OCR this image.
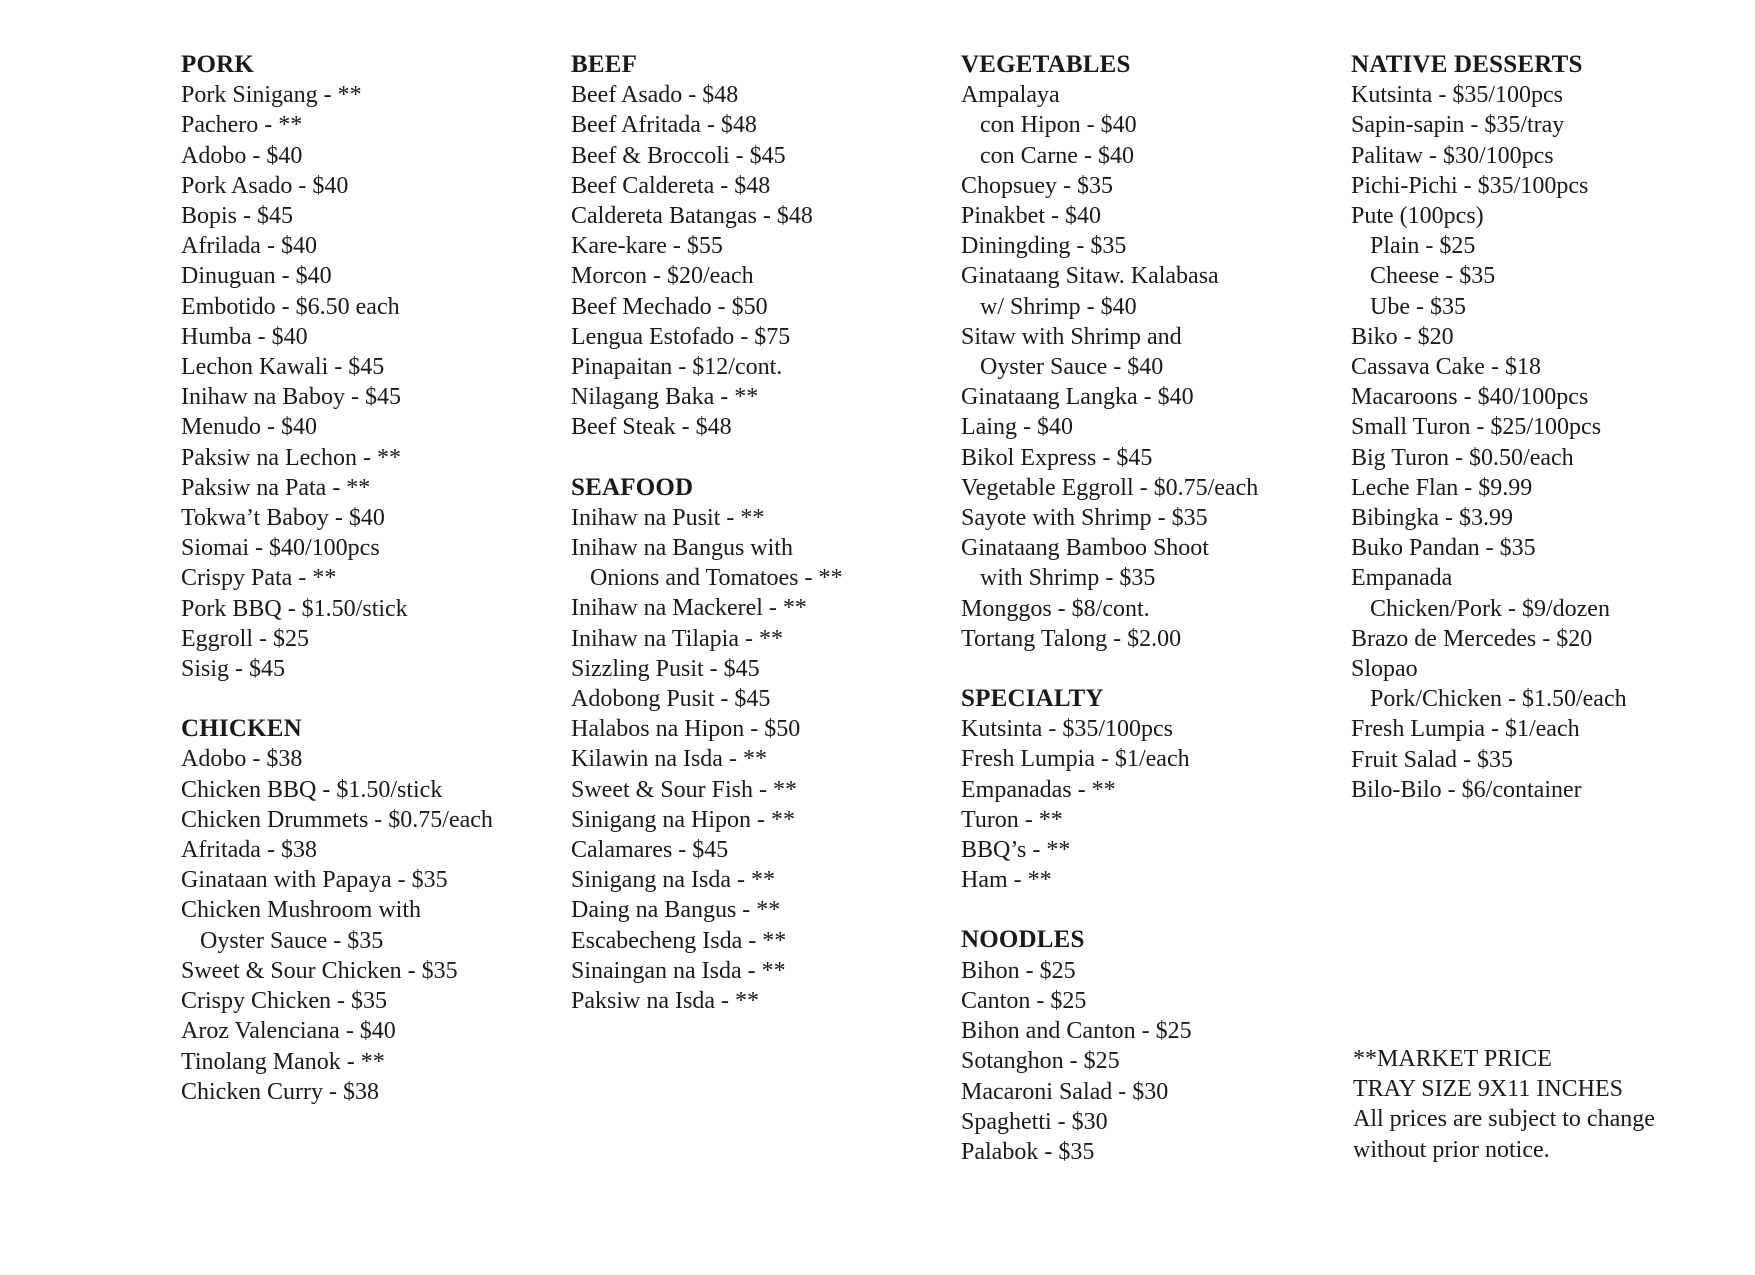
PORK
Pork Sinigang - **
Pachero - **
Adobo - $40
Pork Asado - $40
Bopis - $45
Afrilada - $40
Dinuguan - $40
Embotido - $6.50 each
Humba - $40
Lechon Kawali - $45
Inihaw na Baboy - $45
Menudo - $40
Paksiw na Lechon - **
Paksiw na Pata - **
Tokwa’t Baboy - $40
Siomai - $40/100pcs
Crispy Pata - **
Pork BBQ - $1.50/stick
Eggroll - $25
Sisig - $45
CHICKEN
Adobo - $38
Chicken BBQ - $1.50/stick
Chicken Drummets - $0.75/each
Afritada - $38
Ginataan with Papaya - $35
Chicken Mushroom with
Oyster Sauce - $35
Sweet & Sour Chicken - $35
Crispy Chicken - $35
Aroz Valenciana - $40
Tinolang Manok - **
Chicken Curry - $38
BEEF
Beef Asado - $48
Beef Afritada - $48
Beef & Broccoli - $45
Beef Caldereta - $48
Caldereta Batangas - $48
Kare-kare - $55
Morcon - $20/each
Beef Mechado - $50
Lengua Estofado - $75
Pinapaitan - $12/cont.
Nilagang Baka - **
Beef Steak - $48
SEAFOOD
Inihaw na Pusit - **
Inihaw na Bangus with
Onions and Tomatoes - **
Inihaw na Mackerel - **
Inihaw na Tilapia - **
Sizzling Pusit - $45
Adobong Pusit - $45
Halabos na Hipon - $50
Kilawin na Isda - **
Sweet & Sour Fish - **
Sinigang na Hipon - **
Calamares - $45
Sinigang na Isda - **
Daing na Bangus - **
Escabecheng Isda - **
Sinaingan na Isda - **
Paksiw na Isda - **
VEGETABLES
Ampalaya
con Hipon - $40
con Carne - $40
Chopsuey - $35
Pinakbet - $40
Diningding - $35
Ginataang Sitaw. Kalabasa
w/ Shrimp - $40
Sitaw with Shrimp and
Oyster Sauce - $40
Ginataang Langka - $40
Laing - $40
Bikol Express - $45
Vegetable Eggroll - $0.75/each
Sayote with Shrimp - $35
Ginataang Bamboo Shoot
with Shrimp - $35
Monggos - $8/cont.
Tortang Talong - $2.00
SPECIALTY
Kutsinta - $35/100pcs
Fresh Lumpia - $1/each
Empanadas - **
Turon - **
BBQ’s - **
Ham - **
NOODLES
Bihon - $25
Canton - $25
Bihon and Canton - $25
Sotanghon - $25
Macaroni Salad - $30
Spaghetti - $30
Palabok - $35
NATIVE DESSERTS
Kutsinta - $35/100pcs
Sapin-sapin - $35/tray
Palitaw - $30/100pcs
Pichi-Pichi - $35/100pcs
Pute (100pcs)
Plain - $25
Cheese - $35
Ube - $35
Biko - $20
Cassava Cake - $18
Macaroons - $40/100pcs
Small Turon - $25/100pcs
Big Turon - $0.50/each
Leche Flan - $9.99
Bibingka - $3.99
Buko Pandan - $35
Empanada
Chicken/Pork - $9/dozen
Brazo de Mercedes - $20
Slopao
Pork/Chicken - $1.50/each
Fresh Lumpia - $1/each
Fruit Salad - $35
Bilo-Bilo - $6/container
**MARKET PRICE
TRAY SIZE 9X11 INCHES
All prices are subject to change
without prior notice.
